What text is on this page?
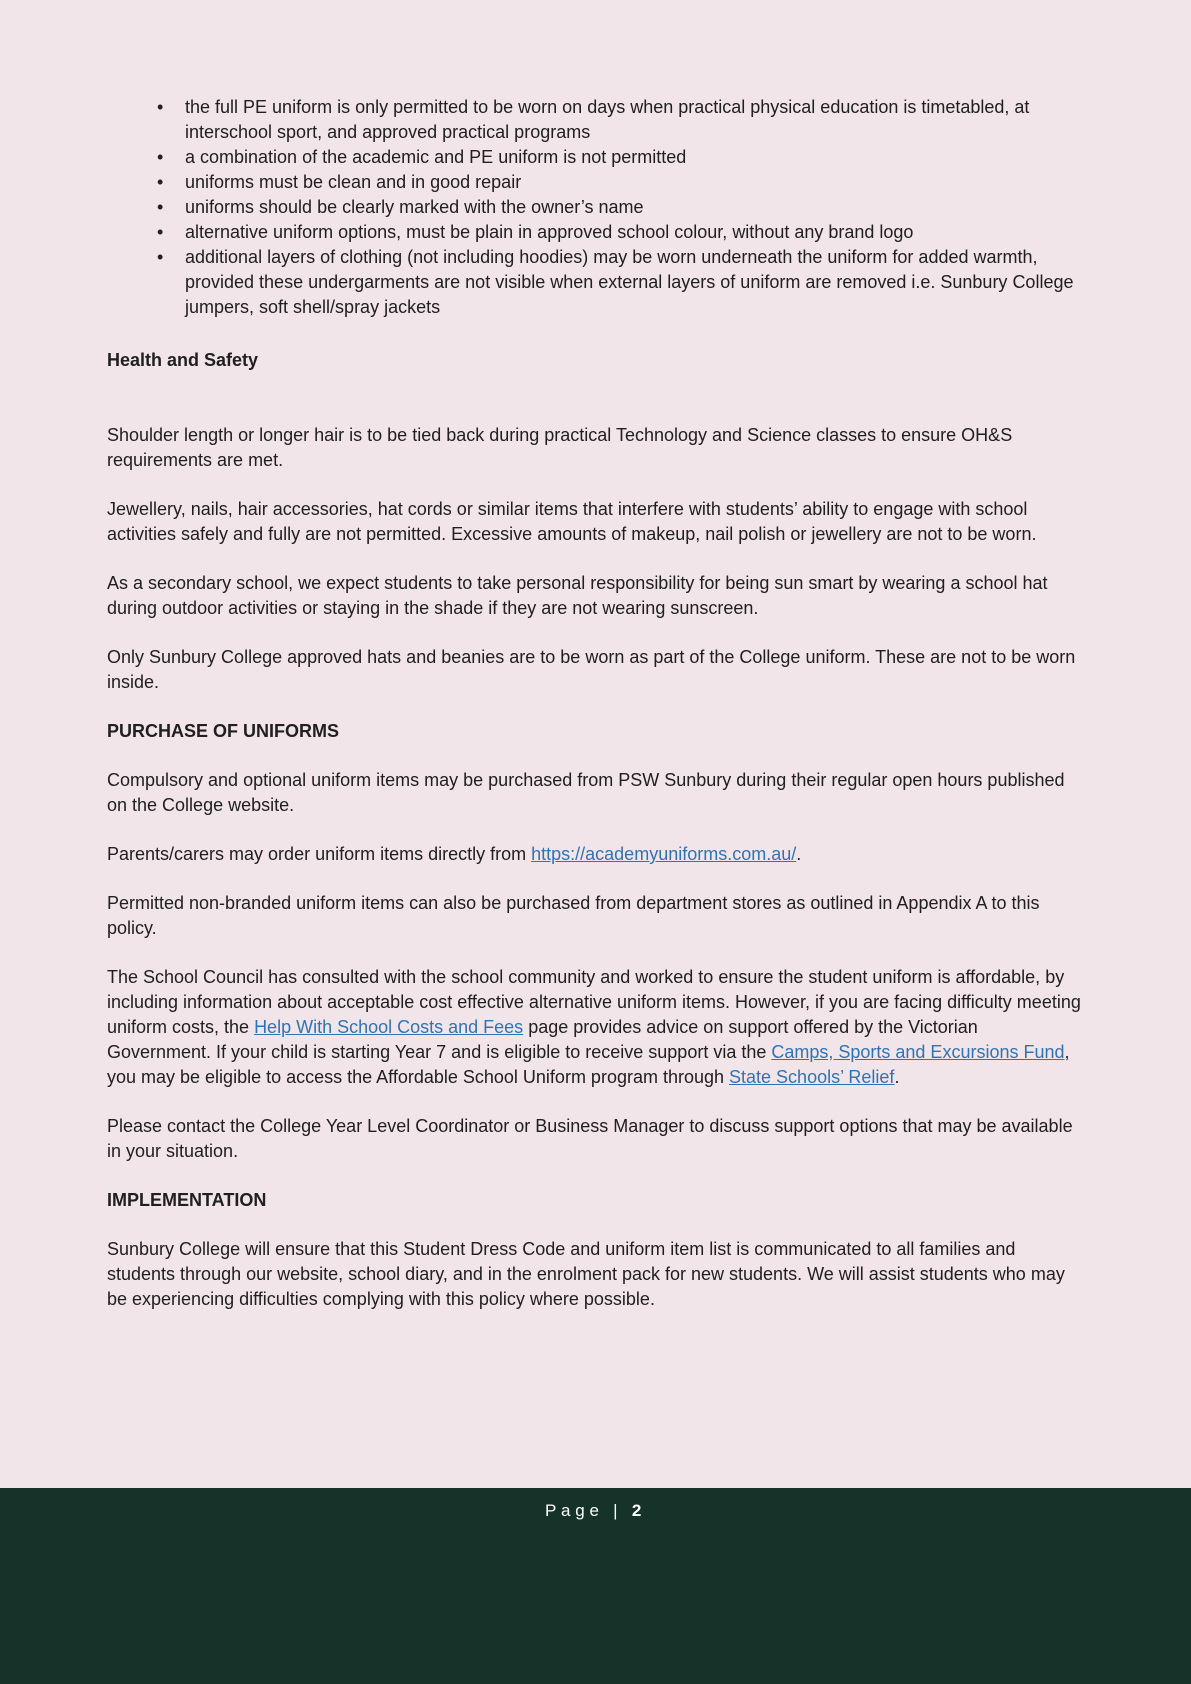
• the full PE uniform is only permitted to be worn on days when practical physical education is timetabled, at interschool sport, and approved practical programs
• a combination of the academic and PE uniform is not permitted
• uniforms must be clean and in good repair
• uniforms should be clearly marked with the owner’s name
• alternative uniform options, must be plain in approved school colour, without any brand logo
• additional layers of clothing (not including hoodies) may be worn underneath the uniform for added warmth, provided these undergarments are not visible when external layers of uniform are removed i.e. Sunbury College jumpers, soft shell/spray jackets
Health and Safety

Shoulder length or longer hair is to be tied back during practical Technology and Science classes to ensure OH&S requirements are met.

Jewellery, nails, hair accessories, hat cords or similar items that interfere with students’ ability to engage with school activities safely and fully are not permitted. Excessive amounts of makeup, nail polish or jewellery are not to be worn.

As a secondary school, we expect students to take personal responsibility for being sun smart by wearing a school hat during outdoor activities or staying in the shade if they are not wearing sunscreen.

Only Sunbury College approved hats and beanies are to be worn as part of the College uniform. These are not to be worn inside.

PURCHASE OF UNIFORMS

Compulsory and optional uniform items may be purchased from PSW Sunbury during their regular open hours published on the College website.

Parents/carers may order uniform items directly from https://academyuniforms.com.au/.

Permitted non-branded uniform items can also be purchased from department stores as outlined in Appendix A to this policy.

The School Council has consulted with the school community and worked to ensure the student uniform is affordable, by including information about acceptable cost effective alternative uniform items. However, if you are facing difficulty meeting uniform costs, the Help With School Costs and Fees page provides advice on support offered by the Victorian Government. If your child is starting Year 7 and is eligible to receive support via the Camps, Sports and Excursions Fund, you may be eligible to access the Affordable School Uniform program through State Schools’ Relief.

Please contact the College Year Level Coordinator or Business Manager to discuss support options that may be available in your situation.

IMPLEMENTATION

Sunbury College will ensure that this Student Dress Code and uniform item list is communicated to all families and students through our website, school diary, and in the enrolment pack for new students. We will assist students who may be experiencing difficulties complying with this policy where possible.

Page | 2
